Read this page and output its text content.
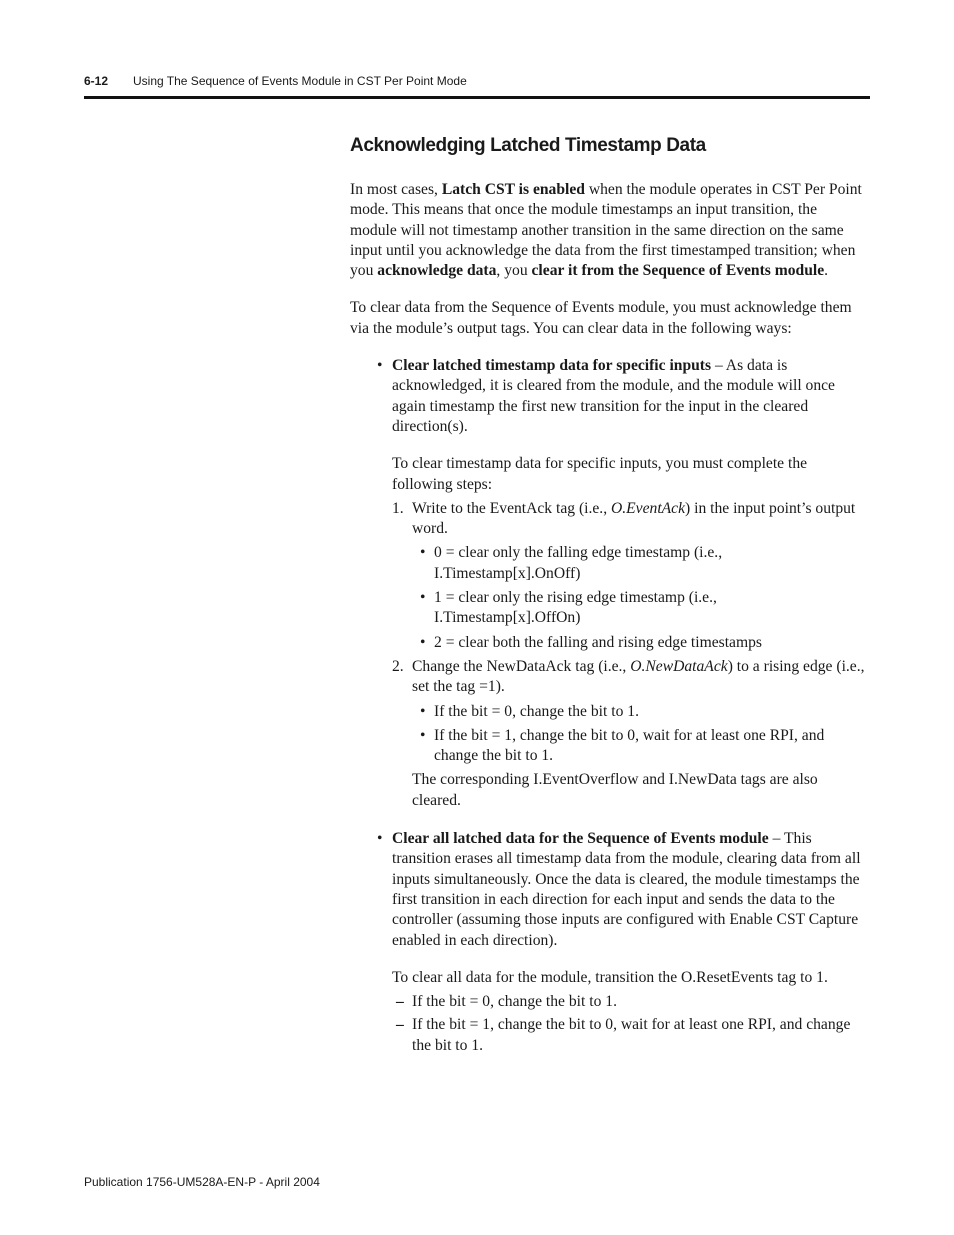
6-12 Using The Sequence of Events Module in CST Per Point Mode
Acknowledging Latched Timestamp Data

In most cases, Latch CST is enabled when the module operates in CST Per Point mode. This means that once the module timestamps an input transition, the module will not timestamp another transition in the same direction on the same input until you acknowledge the data from the first timestamped transition; when you acknowledge data, you clear it from the Sequence of Events module.

To clear data from the Sequence of Events module, you must acknowledge them via the module’s output tags. You can clear data in the following ways:

• Clear latched timestamp data for specific inputs – As data is acknowledged, it is cleared from the module, and the module will once again timestamp the first new transition for the input in the cleared direction(s).

To clear timestamp data for specific inputs, you must complete the following steps:

1. Write to the EventAck tag (i.e., O.EventAck) in the input point’s output word.

• 0 = clear only the falling edge timestamp (i.e., I.Timestamp[x].OnOff)
• 1 = clear only the rising edge timestamp (i.e., I.Timestamp[x].OffOn)
• 2 = clear both the falling and rising edge timestamps
2. Change the NewDataAck tag (i.e., O.NewDataAck) to a rising edge (i.e., set the tag =1).

• If the bit = 0, change the bit to 1.
• If the bit = 1, change the bit to 0, wait for at least one RPI, and change the bit to 1.

The corresponding I.EventOverflow and I.NewData tags are also cleared.

• Clear all latched data for the Sequence of Events module – This transition erases all timestamp data from the module, clearing data from all inputs simultaneously. Once the data is cleared, the module timestamps the first transition in each direction for each input and sends the data to the controller (assuming those inputs are configured with Enable CST Capture enabled in each direction).

To clear all data for the module, transition the O.ResetEvents tag to 1.

– If the bit = 0, change the bit to 1.
– If the bit = 1, change the bit to 0, wait for at least one RPI, and change the bit to 1.
Publication 1756-UM528A-EN-P - April 2004
